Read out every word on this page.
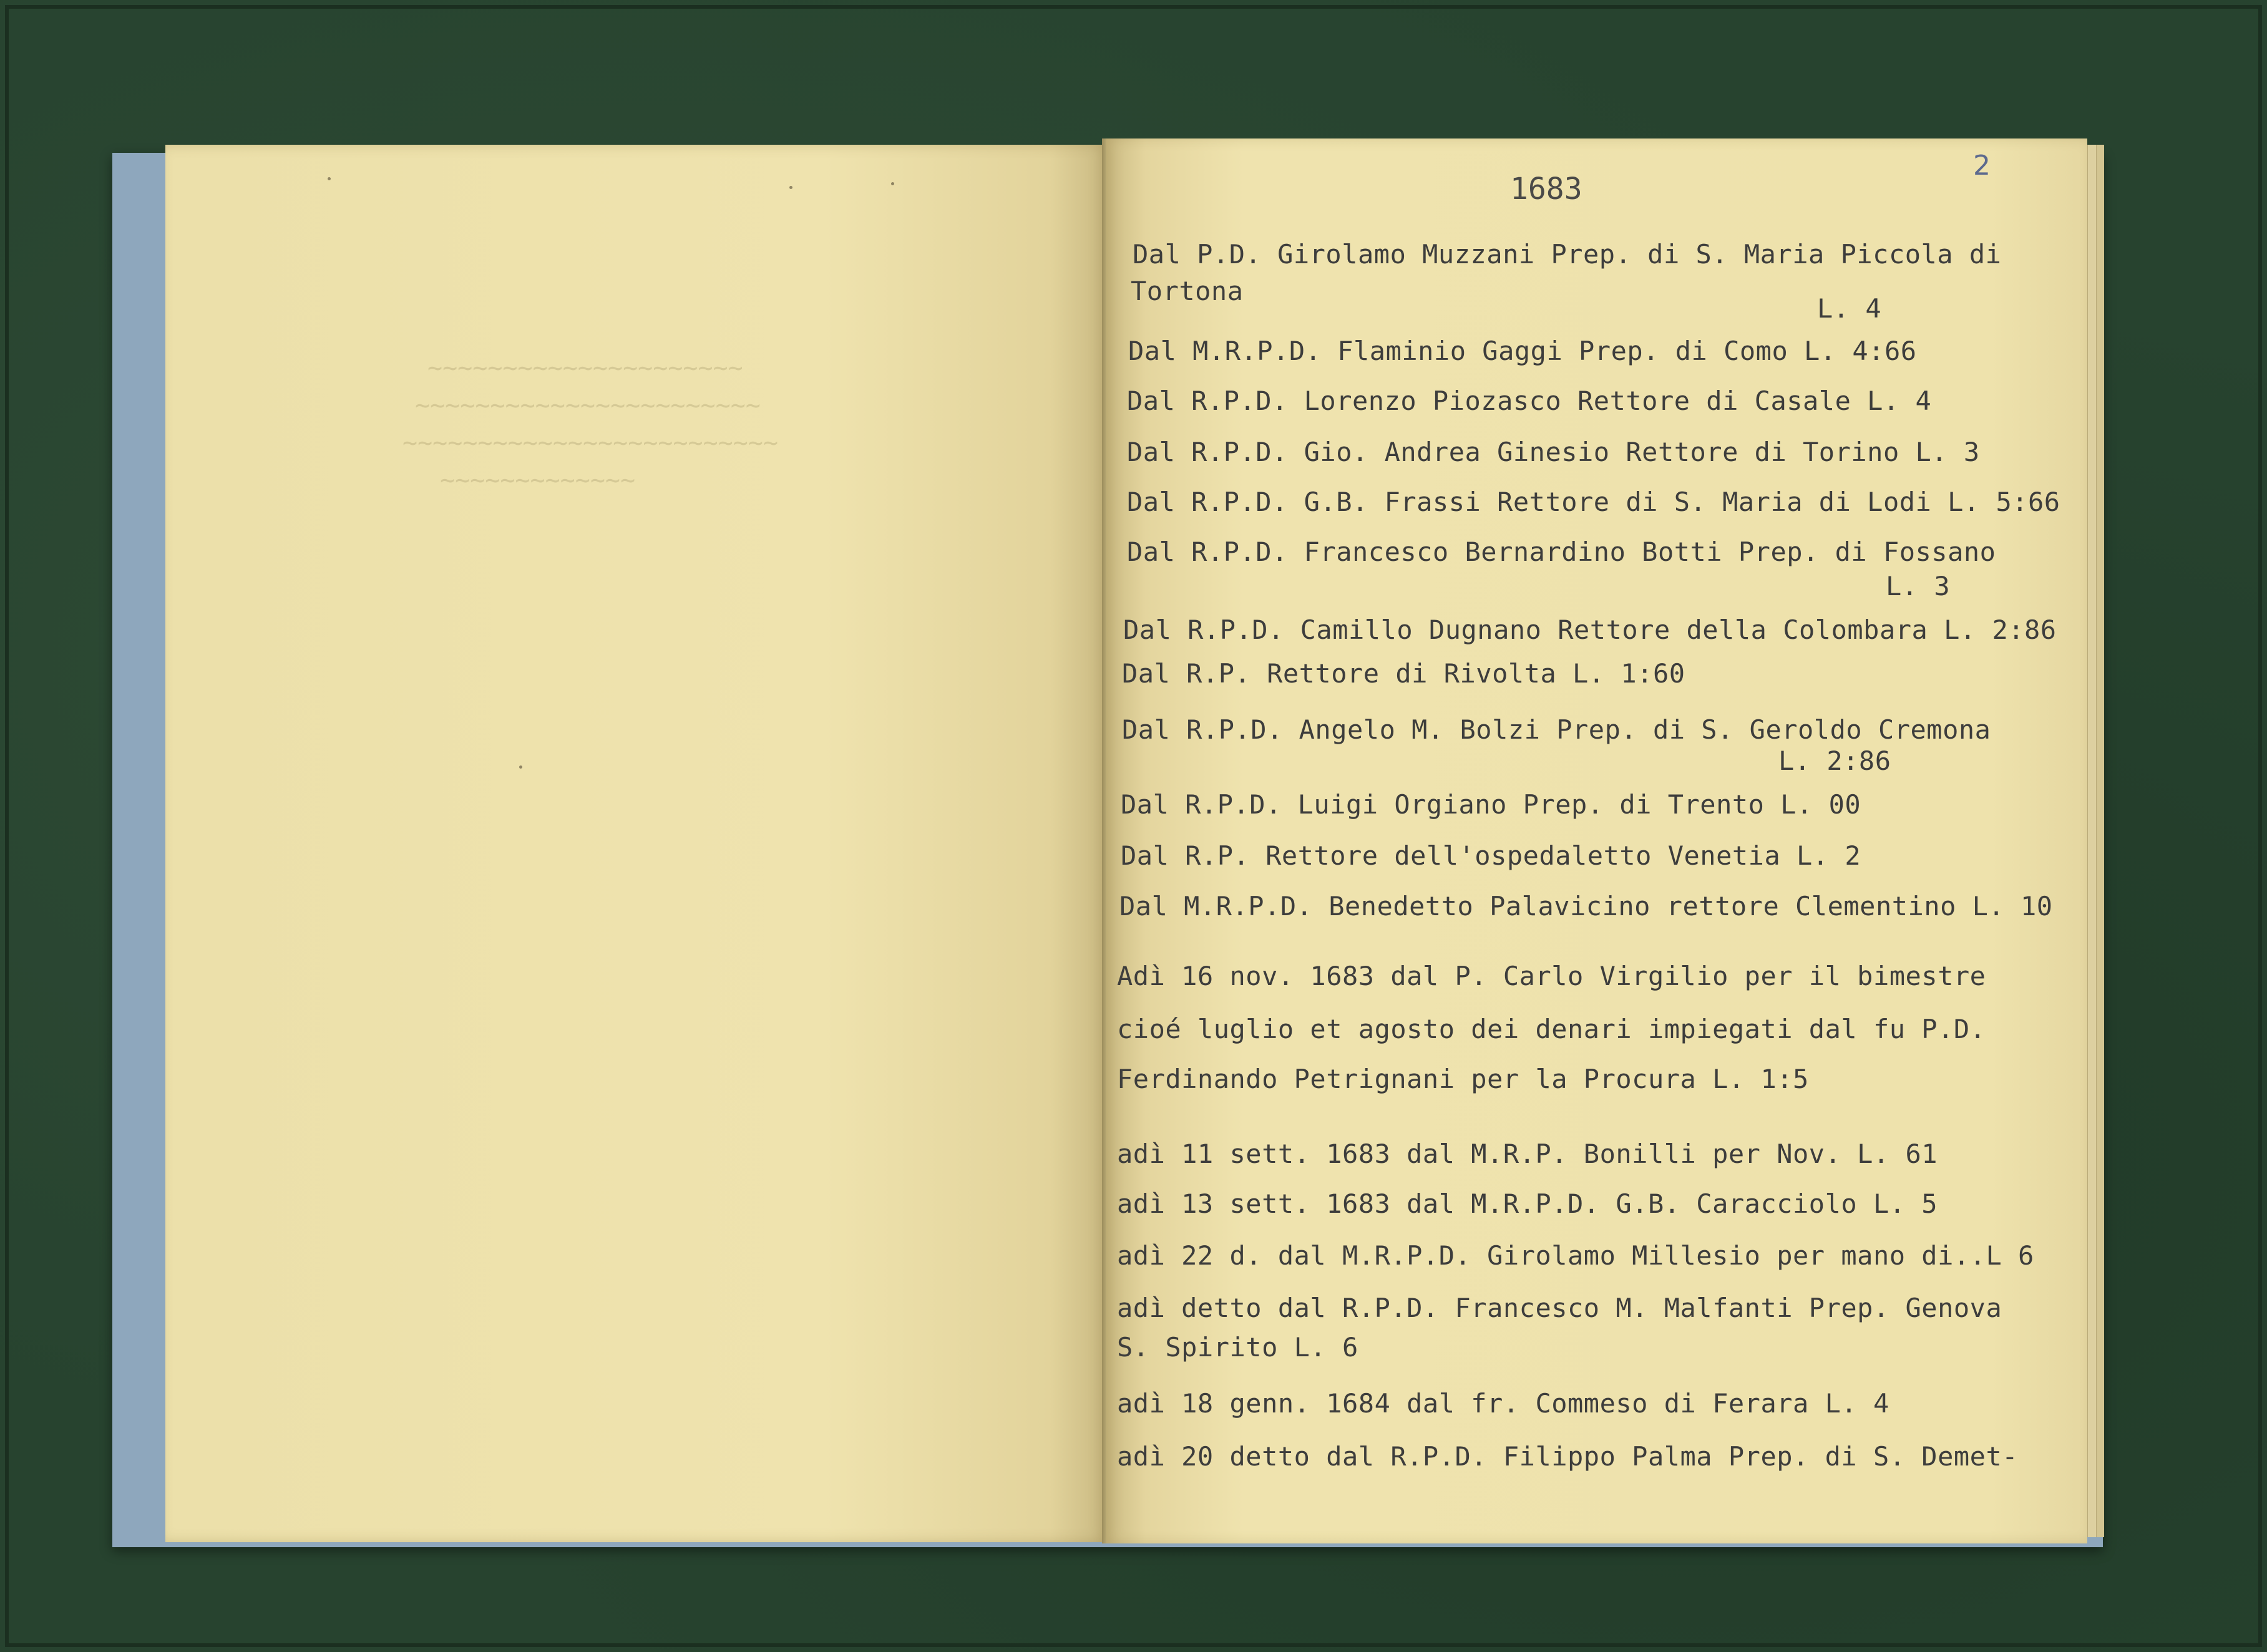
~~~~~~~~~~~~~~~~~~~~~
~~~~~~~~~~~~~~~~~~~~~~~
~~~~~~~~~~~~~~~~~~~~~~~~~
~~~~~~~~~~~~~
2
1683
Dal P.D. Girolamo Muzzani Prep. di S. Maria Piccola di
Tortona
L. 4
Dal M.R.P.D. Flaminio Gaggi Prep. di Como L. 4:66
Dal R.P.D. Lorenzo Piozasco Rettore di Casale L. 4
Dal R.P.D. Gio. Andrea Ginesio Rettore di Torino L. 3
Dal R.P.D. G.B. Frassi Rettore di S. Maria di Lodi L. 5:66
Dal R.P.D. Francesco Bernardino Botti Prep. di Fossano
L. 3
Dal R.P.D. Camillo Dugnano Rettore della Colombara L. 2:86
Dal R.P. Rettore di Rivolta L. 1:60
Dal R.P.D. Angelo M. Bolzi Prep. di S. Geroldo Cremona
L. 2:86
Dal R.P.D. Luigi Orgiano Prep. di Trento L. 00
Dal R.P. Rettore dell'ospedaletto Venetia L. 2
Dal M.R.P.D. Benedetto Palavicino rettore Clementino L. 10
Adì 16 nov. 1683 dal P. Carlo Virgilio per il bimestre
cioé luglio et agosto dei denari impiegati dal fu P.D.
Ferdinando Petrignani per la Procura L. 1:5
adì 11 sett. 1683 dal M.R.P. Bonilli per Nov. L. 61
adì 13 sett. 1683 dal M.R.P.D. G.B. Caracciolo L. 5
adì 22 d. dal M.R.P.D. Girolamo Millesio per mano di..L 6
adì detto dal R.P.D. Francesco M. Malfanti Prep. Genova
S. Spirito L. 6
adì 18 genn. 1684 dal fr. Commeso di Ferara L. 4
adì 20 detto dal R.P.D. Filippo Palma Prep. di S. Demet-
